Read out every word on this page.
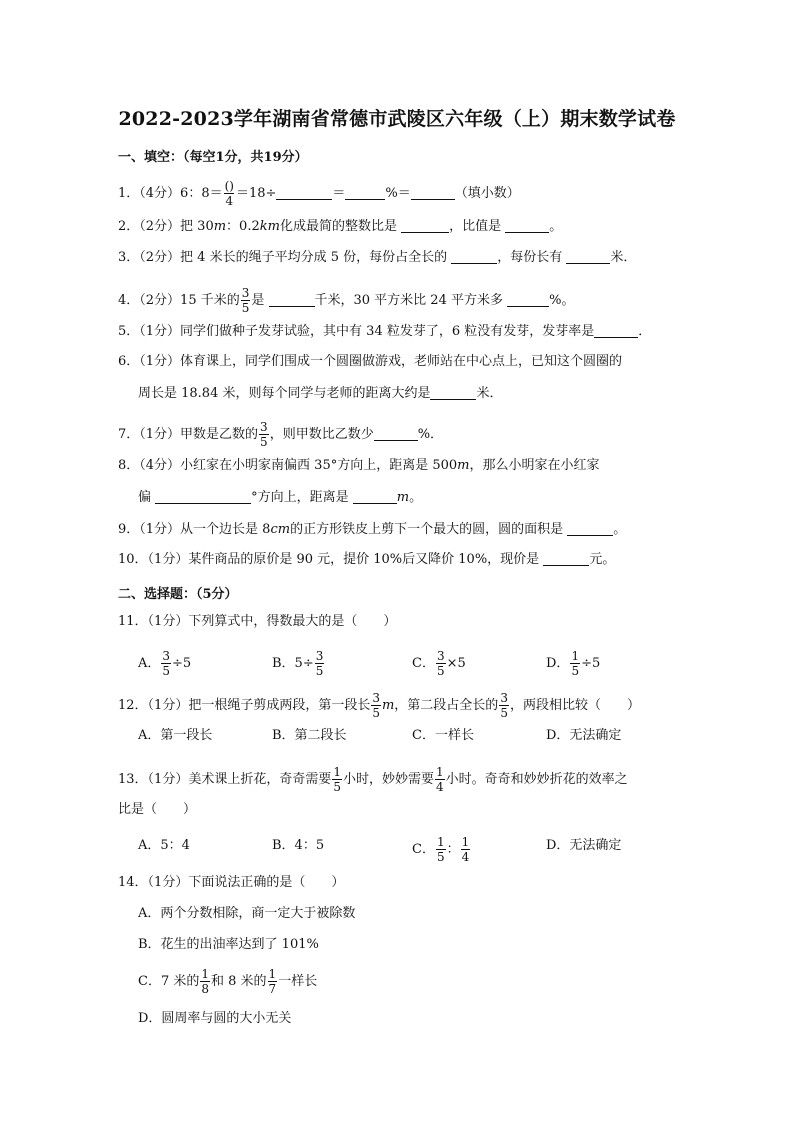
2022-2023学年湖南省常德市武陵区六年级（上）期末数学试卷
一、填空：（每空1分，共19分）
1．（4分）6：$8= \frac{()}{4} =18\div$	＝	%＝	（填小数）
2．（2分）把 30m：0.2km化成最简的整数比是	，比值是	。
3．（2分）把 4 米长的绳子平均分成 5 份，每份占全长的	，每份长有	米．
4．（2分）15 千米的 $\frac{3}{5}$ 是	千米，30 平方米比 24 平方米多	%。
5．（1分）同学们做种子发芽试验，其中有 34 粒发芽了，6 粒没有发芽，发芽率是	．
6．（1分）体育课上，同学们围成一个圆圈做游戏，老师站在中心点上，已知这个圆圈的
周长是 18.84 米，则每个同学与老师的距离大约是	米．
7．（1分）甲数是乙数的 $\frac{3}{5}$ ，则甲数比乙数少	%．
8．（4分）小红家在小明家南偏西 35°方向上，距离是 500m，那么小明家在小红家
偏	°方向上，距离是	m。
9．（1分）从一个边长是 8cm的正方形铁皮上剪下一个最大的圆，圆的面积是	。
10．（1分）某件商品的原价是 90 元，提价 10%后又降价 10%，现价是	元。
二、选择题：（5分）
11．（1分）下列算式中，得数最大的是（　　）
A． $\frac{3}{5} \div 5$	B．$5\div \frac{3}{5}$	C． $\frac{3}{5} \times 5$	D． $\frac{1}{5} \div 5$
12．（1分）把一根绳子剪成两段，第一段长 $\frac{3}{5}$ m，第二段占全长的 $\frac{3}{5}$ ，两段相比较（　　）
A．第一段长	B．第二段长	C．一样长	D．无法确定
13．（1分）美术课上折花，奇奇需要 $\frac{1}{5}$ 小时，妙妙需要 $\frac{1}{4}$ 小时。奇奇和妙妙折花的效率之
比是（　　）
A．5：4	B．4：5	C． $\frac{1}{5}$ ： $\frac{1}{4}$	D．无法确定
14．（1分）下面说法正确的是（　　）
A．两个分数相除，商一定大于被除数
B．花生的出油率达到了 101%
C．7 米的 $\frac{1}{8}$ 和 8 米的 $\frac{1}{7}$ 一样长
D．圆周率与圆的大小无关
